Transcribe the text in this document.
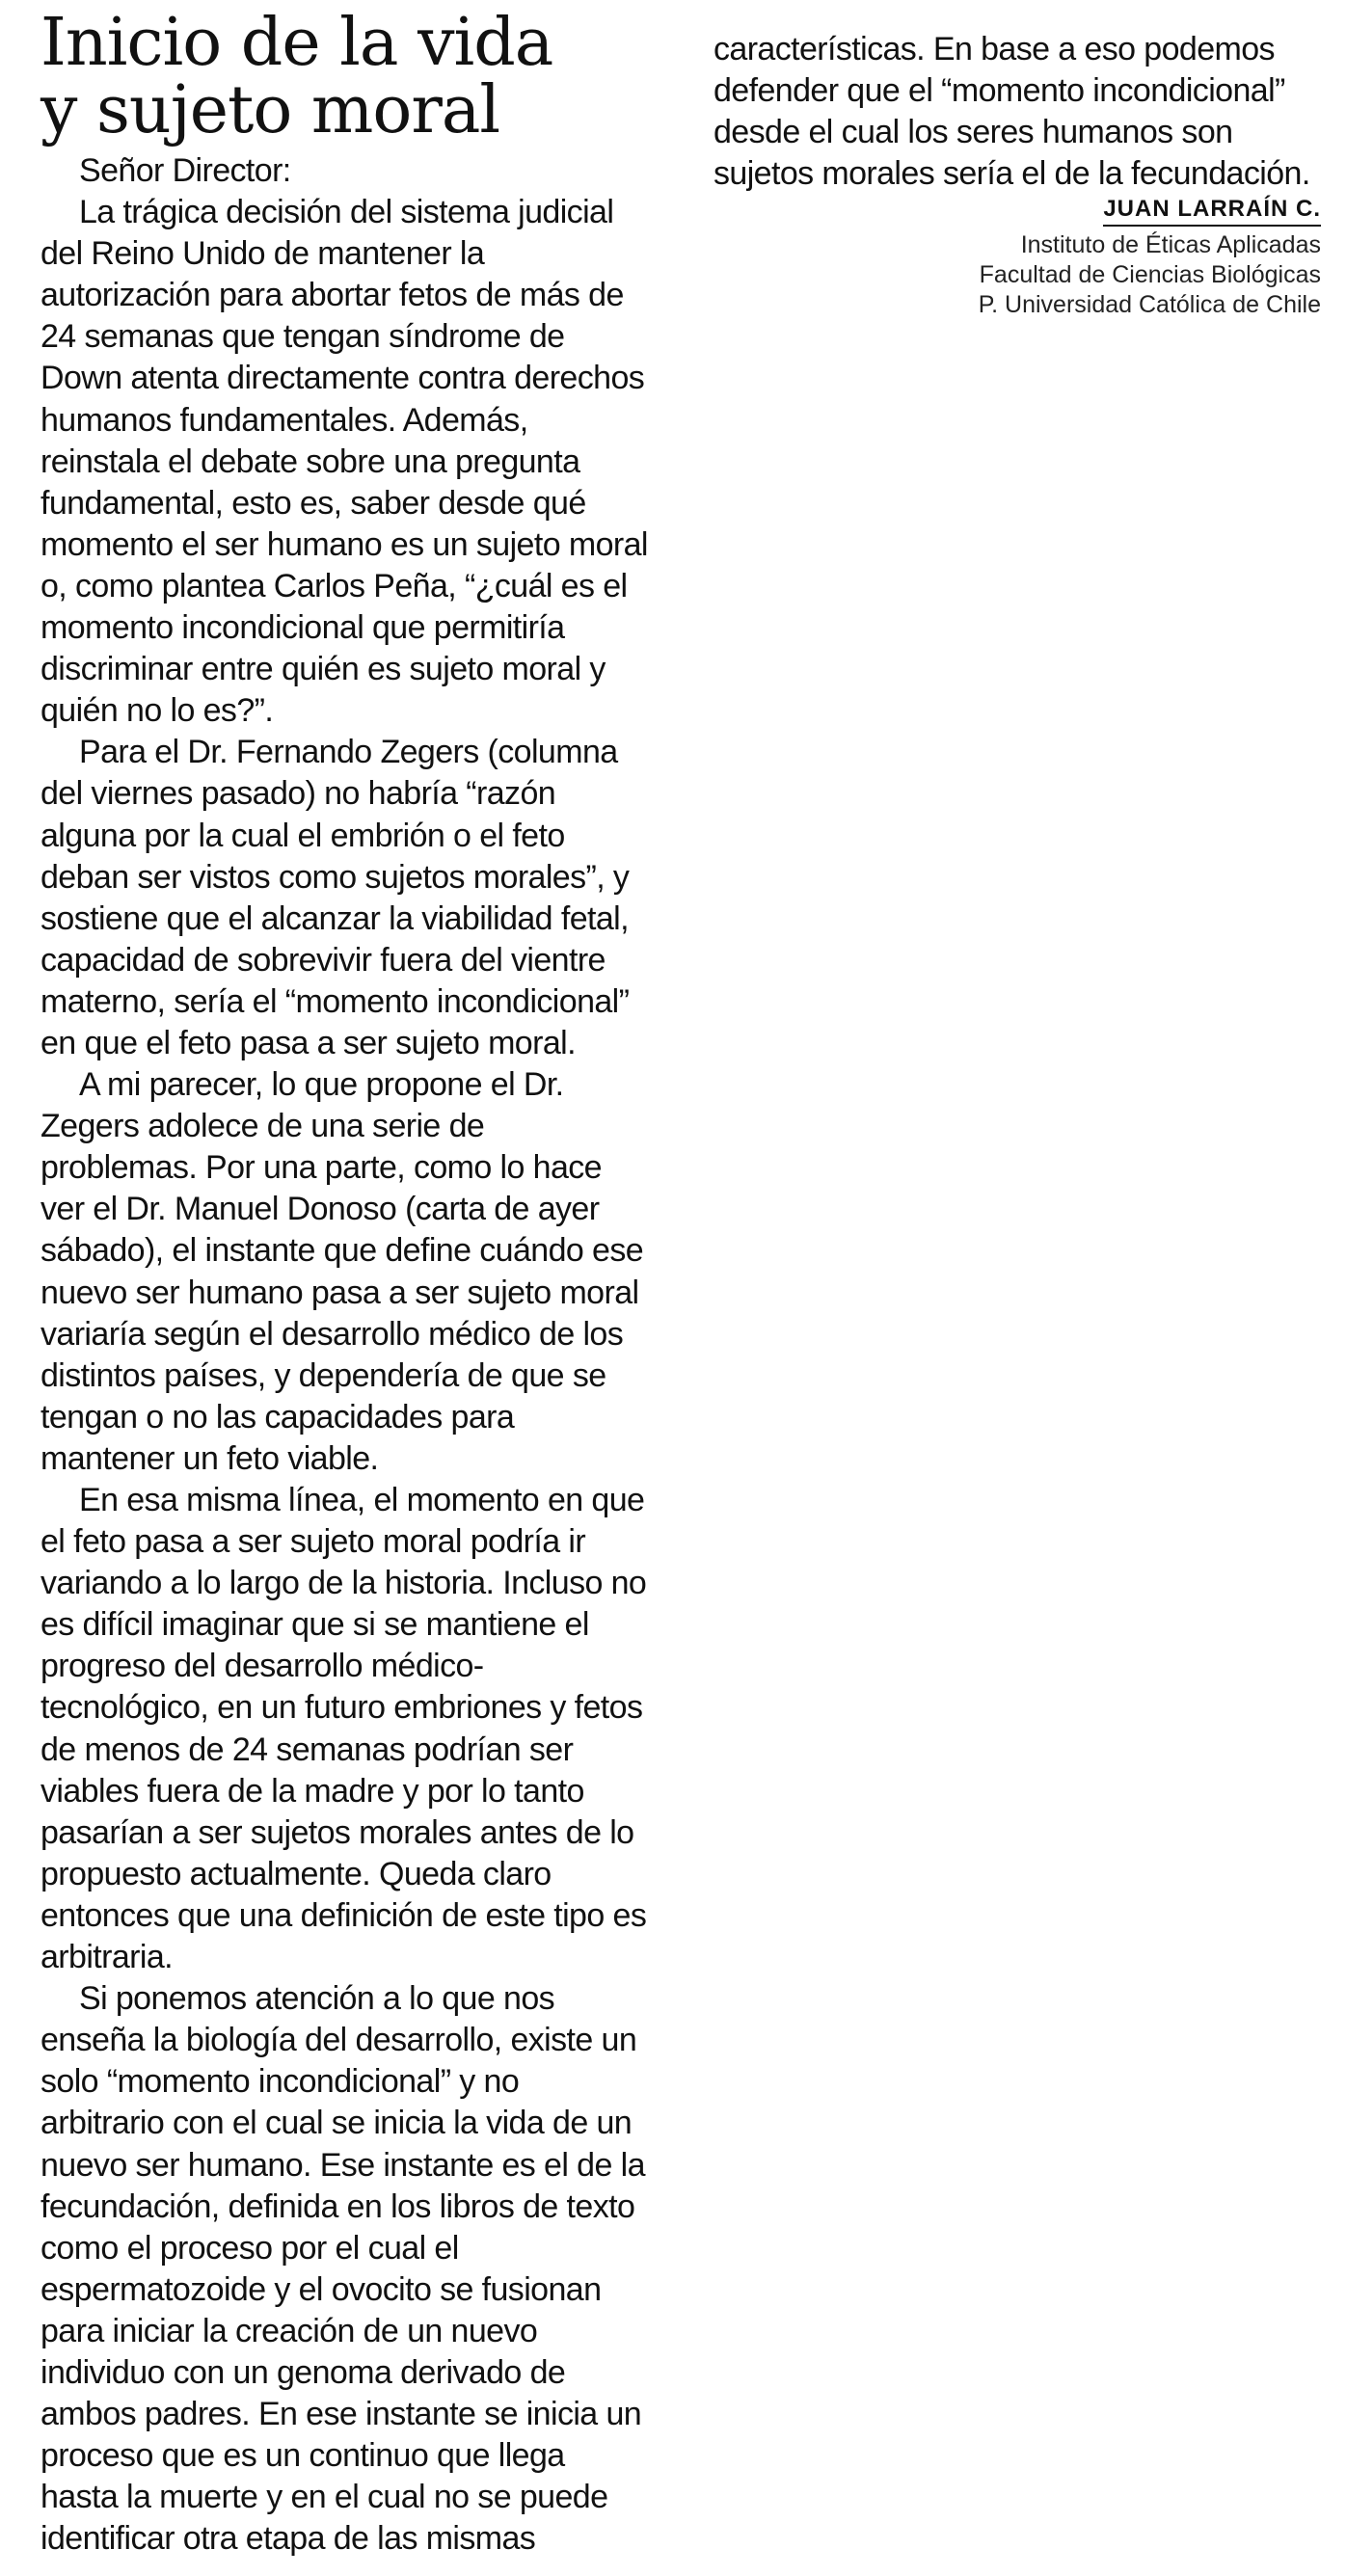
Inicio de la vida
y sujeto moral
Señor Director:

La trágica decisión del sistema judicial del Reino Unido de mantener la autorización para abortar fetos de más de 24 semanas que tengan síndrome de Down atenta directamente contra derechos humanos fundamentales. Además, reinstala el debate sobre una pregunta fundamental, esto es, saber desde qué momento el ser humano es un sujeto moral o, como plantea Carlos Peña, “¿cuál es el momento incondicional que permitiría discriminar entre quién es sujeto moral y quién no lo es?”.

Para el Dr. Fernando Zegers (columna del viernes pasado) no habría “razón alguna por la cual el embrión o el feto deban ser vistos como sujetos morales”, y sostiene que el alcanzar la viabilidad fetal, capacidad de sobrevivir fuera del vientre materno, sería el “momento incondicional” en que el feto pasa a ser sujeto moral.

A mi parecer, lo que propone el Dr. Zegers adolece de una serie de problemas. Por una parte, como lo hace ver el Dr. Manuel Donoso (carta de ayer sábado), el instante que define cuándo ese nuevo ser humano pasa a ser sujeto moral variaría según el desarrollo médico de los distintos países, y dependería de que se tengan o no las capacidades para mantener un feto viable.

En esa misma línea, el momento en que el feto pasa a ser sujeto moral podría ir variando a lo largo de la historia. Incluso no es difícil imaginar que si se mantiene el progreso del desarrollo médico-tecnológico, en un futuro embriones y fetos de menos de 24 semanas podrían ser viables fuera de la madre y por lo tanto pasarían a ser sujetos morales antes de lo propuesto actualmente. Queda claro entonces que una definición de este tipo es arbitraria.

Si ponemos atención a lo que nos enseña la biología del desarrollo, existe un solo “momento incondicional” y no arbitrario con el cual se inicia la vida de un nuevo ser humano. Ese instante es el de la fecundación, definida en los libros de texto como el proceso por el cual el espermatozoide y el ovocito se fusionan para iniciar la creación de un nuevo individuo con un genoma derivado de ambos padres. En ese instante se inicia un proceso que es un continuo que llega hasta la muerte y en el cual no se puede identificar otra etapa de las mismas

características. En base a eso podemos defender que el “momento incondicional” desde el cual los seres humanos son sujetos morales sería el de la fecundación.

JUAN LARRAÍN C.
Instituto de Éticas Aplicadas
Facultad de Ciencias Biológicas
P. Universidad Católica de Chile
